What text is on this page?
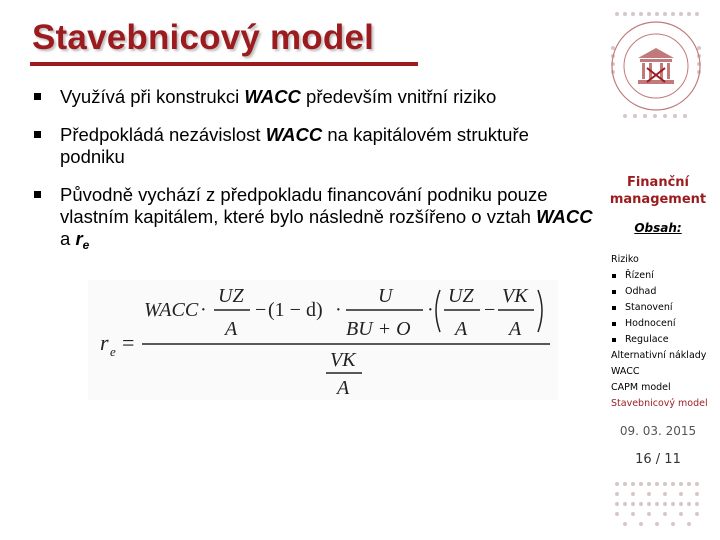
Stavebnicový model
Využívá při konstrukci WACC především vnitřní riziko
Předpokládá nezávislost WACC na kapitálovém struktuře podniku
Původně vychází z předpokladu financování podniku pouze vlastním kapitálem, které bylo následně rozšířeno o vztah WACC a $r_e$
WACC ·
UZ
A
− (1 − d) ·
U
BU + O
·
UZ
A
−
VK
A
r e =
VK
A
Finanční
management
Obsah:
Riziko
Řízení
Odhad
Stanovení
Hodnocení
Regulace
Alternativní náklady
WACC
CAPM model
Stavebnicový model
09. 03. 2015
16 / 11
